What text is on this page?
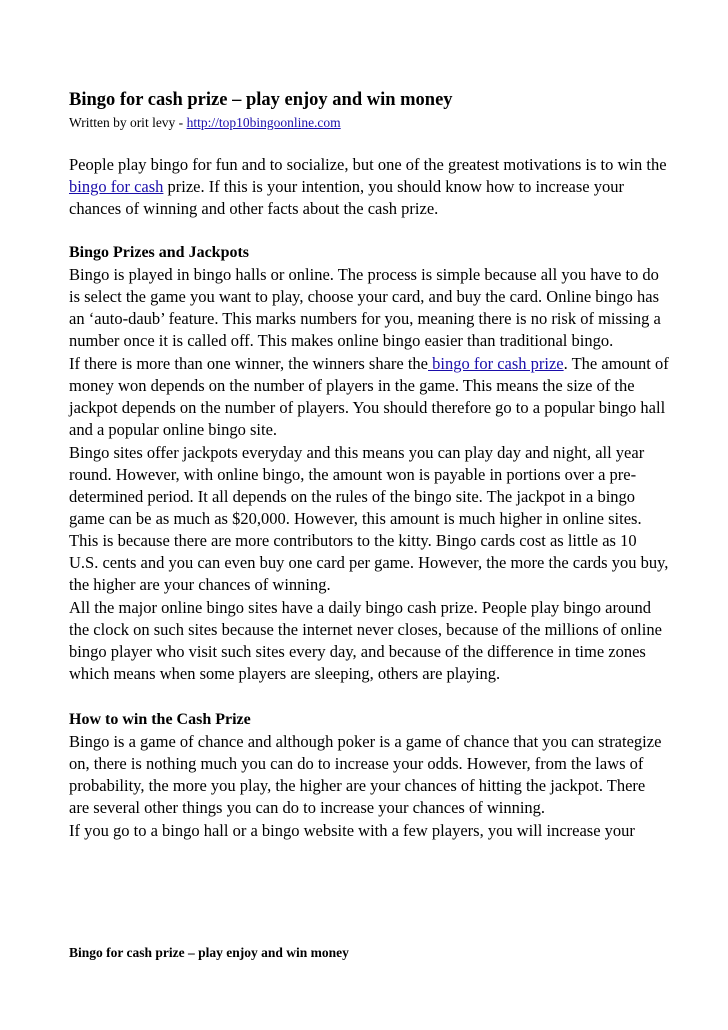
Bingo for cash prize – play enjoy and win money
Written by orit levy - http://top10bingoonline.com

People play bingo for fun and to socialize, but one of the greatest motivations is to win the bingo for cash prize. If this is your intention, you should know how to increase your chances of winning and other facts about the cash prize.

Bingo Prizes and Jackpots

Bingo is played in bingo halls or online. The process is simple because all you have to do is select the game you want to play, choose your card, and buy the card. Online bingo has an ‘auto-daub’ feature. This marks numbers for you, meaning there is no risk of missing a number once it is called off. This makes online bingo easier than traditional bingo.

If there is more than one winner, the winners share the bingo for cash prize. The amount of money won depends on the number of players in the game. This means the size of the jackpot depends on the number of players. You should therefore go to a popular bingo hall and a popular online bingo site.

Bingo sites offer jackpots everyday and this means you can play day and night, all year round. However, with online bingo, the amount won is payable in portions over a pre-determined period. It all depends on the rules of the bingo site. The jackpot in a bingo game can be as much as $20,000. However, this amount is much higher in online sites. This is because there are more contributors to the kitty. Bingo cards cost as little as 10 U.S. cents and you can even buy one card per game. However, the more the cards you buy, the higher are your chances of winning.

All the major online bingo sites have a daily bingo cash prize. People play bingo around the clock on such sites because the internet never closes, because of the millions of online bingo player who visit such sites every day, and because of the difference in time zones which means when some players are sleeping, others are playing.

How to win the Cash Prize

Bingo is a game of chance and although poker is a game of chance that you can strategize on, there is nothing much you can do to increase your odds. However, from the laws of probability, the more you play, the higher are your chances of hitting the jackpot. There are several other things you can do to increase your chances of winning.

If you go to a bingo hall or a bingo website with a few players, you will increase your

Bingo for cash prize – play enjoy and win money
